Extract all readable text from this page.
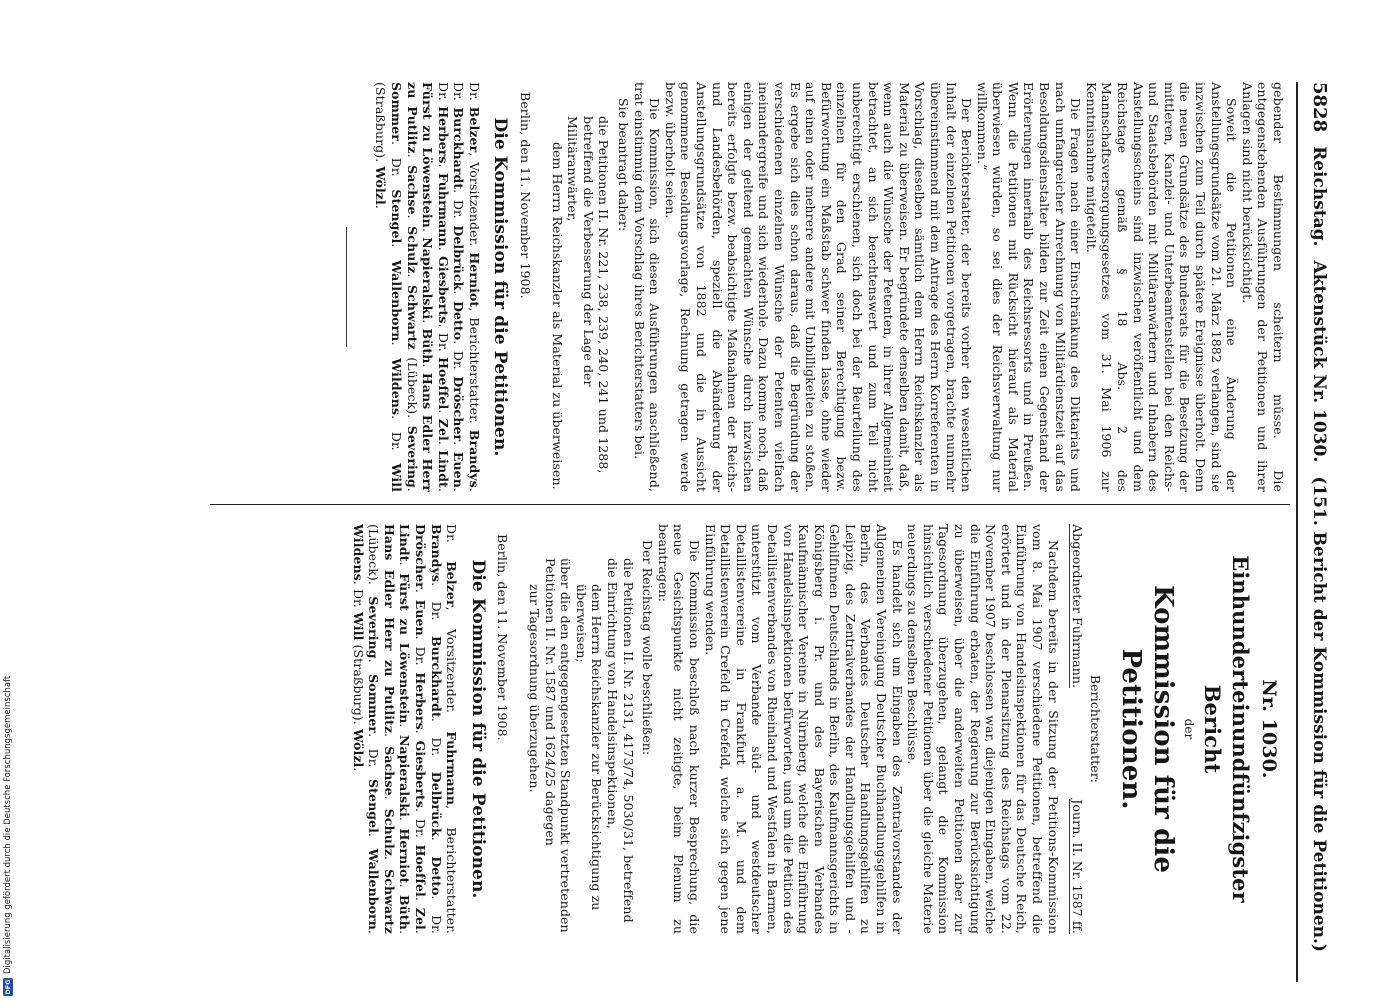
DFG
Digitalisierung gefördert durch die Deutsche Forschungsgemeinschaft
5828
Reichstag.
Aktenstück Nr. 1030.
(151. Bericht der Kommission für die Petitionen.)

gebender Bestimmungen scheitern müsse. Die entgegenstehenden Ausführungen der Petitionen und ihrer Anlagen sind nicht berücksichtigt.

Soweit die Petitionen eine Änderung der Anstellungsgrundsätze vom 21. März 1882 verlangen, sind sie inzwischen zum Teil durch spätere Ereignisse überholt. Denn die neuen Grundsätze des Bundesrats für die Besetzung der mittleren, Kanzlei- und Unterbeamtenstellen bei den Reichs- und Staatsbehörden mit Militäranwärtern und Inhabern des Anstellungsscheins sind inzwischen veröffentlicht und dem Reichstage gemäß § 18 Abs. 2 des Mannschaftsversorgungsgesetzes vom 31. Mai 1906 zur Kenntnisnahme mitgeteilt.

Die Fragen nach einer Einschränkung des Diktariats und nach umfangreicher Anrechnung von Militärdienstzeit auf das Besoldungsdienstalter bilden zur Zeit einen Gegenstand der Erörterungen innerhalb des Reichsressorts und in Preußen. Wenn die Petitionen mit Rücksicht hierauf als Material überwiesen würden, so sei dies der Reichsverwaltung nur willkommen.“

Der Berichterstatter, der bereits vorher den wesentlichen Inhalt der einzelnen Petitionen vorgetragen, brachte nunmehr übereinstimmend mit dem Antrage des Herrn Korreferenten in Vorschlag, dieselben sämtlich dem Herrn Reichskanzler als Material zu überweisen. Er begründete denselben damit, daß, wenn auch die Wünsche der Petenten, in ihrer Allgemeinheit betrachtet, an sich beachtenswert und zum Teil nicht unberechtigt erschienen, sich doch bei der Beurteilung des einzelnen für den Grad seiner Berechtigung bezw. Befürwortung ein Maßstab schwer finden lasse, ohne wieder auf einen oder mehrere andere mit Unbilligkeiten zu stoßen. Es ergebe sich dies schon daraus, daß die Begründung der verschiedenen einzelnen Wünsche der Petenten vielfach ineinandergreife und sich wiederhole. Dazu komme noch, daß einigen der geltend gemachten Wünsche durch inzwischen bereits erfolgte bezw. beabsichtigte Maßnahmen der Reichs- und Landesbehörden, speziell die Abänderung der Anstellungsgrundsätze von 1882 und die in Aussicht genommene Besoldungsvorlage, Rechnung getragen werde bezw. überholt seien.

Die Kommission, sich diesen Ausführungen anschließend, trat einstimmig dem Vorschlag ihres Berichterstatters bei.

Sie beantragt daher:

die Petitionen II. Nr. 221, 238, 239, 240, 241 und 1288, betreffend die Verbesserung der Lage der Militäranwärter,

dem Herrn Reichskanzler als Material zu überweisen.

Berlin, den 11. November 1908.

Die Kommission für die Petitionen.

Dr. Belzer, Vorsitzender. Herniot, Berichterstatter. Brandys. Dr. Burckhardt. Dr. Delbrück. Detto. Dr. Dröscher. Euen. Dr. Herbers. Fuhrmann. Giesberts. Dr. Hoeffel. Zel. Lindt. Fürst zu Löwenstein. Napieralski. Büth. Hans Edler Herr zu Putlitz. Sachse. Schulz. Schwartz (Lübeck). Severing. Sommer. Dr. Stengel. Wallenborn. Wildens. Dr. Will (Straßburg). Wölzl.

Nr. 1030.

Einhunderteinundfünfzigster Bericht

der

Kommission für die Petitionen.

Berichterstatter:

Abgeordneter Fuhrmann.
Journ. II. Nr. 1587 ff.

Nachdem bereits in der Sitzung der Petitions-Kommission vom 8. Mai 1907 verschiedene Petitionen, betreffend die Einführung von Handelsinspektionen für das Deutsche Reich, erörtert und in der Plenarsitzung des Reichstags vom 22. November 1907 beschlossen war, diejenigen Eingaben, welche die Einführung erbaten, der Regierung zur Berücksichtigung zu überweisen, über die anderweiten Petitionen aber zur Tagesordnung überzugehen, gelangt die Kommission hinsichtlich verschiedener Petitionen über die gleiche Materie neuerdings zu denselben Beschlüsse.

Es handelt sich um Eingaben des Zentralvorstandes der Allgemeinen Vereinigung Deutscher Buchhandlungsgehilfen in Berlin, des Verbandes Deutscher Handlungsgehilfen zu Leipzig, des Zentralverbandes der Handlungsgehilfen und -Gehilfinnen Deutschlands in Berlin, des Kaufmannsgerichts in Königsberg i. Pr. und des Bayerischen Verbandes Kaufmännischer Vereine in Nürnberg, welche die Einführung von Handelsinspektionen befürworten, und um die Petition des Detaillistenverbandes von Rheinland und Westfalen in Barmen, unterstützt vom Verbande süd- und westdeutscher Detaillistenvereine in Frankfurt a. M. und dem Detaillistenverein Crefeld in Crefeld, welche sich gegen jene Einführung wenden.

Die Kommission beschloß nach kurzer Besprechung, die neue Gesichtspunkte nicht zeitigte, beim Plenum zu beantragen:

Der Reichstag wolle beschließen:

die Petitionen II. Nr. 2131, 4173/74, 5030/31, betreffend die Einrichtung von Handelsinspektionen,

dem Herrn Reichskanzler zur Berücksichtigung zu überweisen;

über die den entgegengesetzten Standpunkt vertretenden Petitionen II. Nr. 1587 und 1624/25 dagegen

zur Tagesordnung überzugehen.

Berlin, den 11. November 1908.

Die Kommission für die Petitionen.

Dr. Belzer, Vorsitzender. Fuhrmann, Berichterstatter. Brandys. Dr. Burckhardt. Dr. Delbrück. Detto. Dr. Dröscher. Euen. Dr. Herbers. Giesberts. Dr. Hoeffel. Zel. Lindt. Fürst zu Löwenstein. Napieralski. Herniot. Büth. Hans Edler Herr zu Putlitz. Sachse. Schulz. Schwartz (Lübeck). Severing. Sommer. Dr. Stengel. Wallenborn. Wildens. Dr. Will (Straßburg). Wölzl.
